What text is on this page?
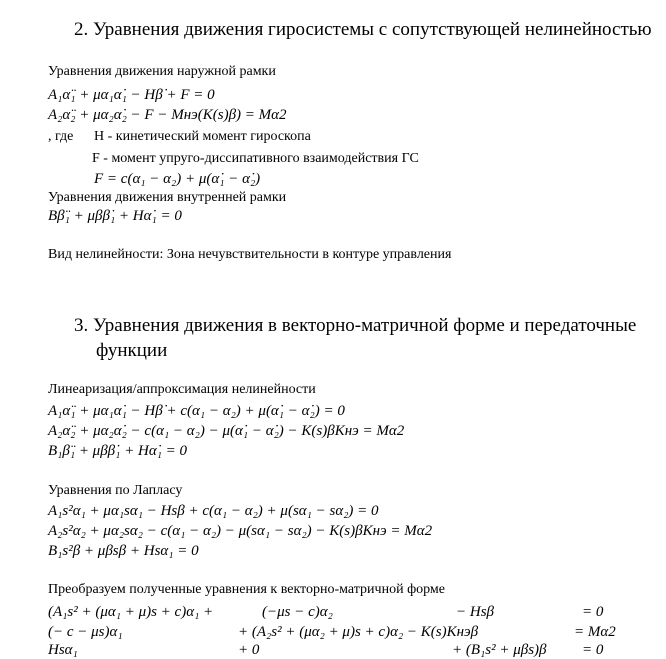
2. Уравнения движения гиросистемы с сопутствующей нелинейностью
Уравнения движения наружной рамки
A₁α̈₁ + μα₁α̇₁ − Hβ̇ + F = 0
A₂α̈₂ + μα₂α̇₂ − F − Mнэ(K(s)β) = Mα2
, где H - кинетический момент гироскопа
F - момент упруго-диссипативного взаимодействия ГС
F = c(α₁ − α₂) + μ(α̇₁ − α̇₂)
Уравнения движения внутренней рамки
Bβ̈₁ + μββ̇₁ + Hα̇₁ = 0
Вид нелинейности: Зона нечувствительности в контуре управления
3. Уравнения движения в векторно-матричной форме и передаточные
функции
Линеаризация/аппроксимация нелинейности
A₁α̈₁ + μα₁α̇₁ − Hβ̇ + c(α₁ − α₂) + μ(α̇₁ − α̇₂) = 0
A₂α̈₂ + μα₂α̇₂ − c(α₁ − α₂) − μ(α̇₁ − α̇₂) − K(s)βKнэ = Mα2
B₁β̈₁ + μββ̇₁ + Hα̇₁ = 0
Уравнения по Лапласу
A₁s²α₁ + μα₁sα₁ − Hsβ + c(α₁ − α₂) + μ(sα₁ − sα₂) = 0
A₂s²α₂ + μα₂sα₂ − c(α₁ − α₂) − μ(sα₁ − sα₂) − K(s)βKнэ = Mα2
B₁s²β + μβsβ + Hsα₁ = 0
Преобразуем полученные уравнения к векторно-матричной форме
(A₁s² + (μα₁ + μ)s + c)α₁ +	(−μs − c)α₂	− Hsβ	= 0
(− c − μs)α₁	+ (A₂s² + (μα₂ + μ)s + c)α₂ − K(s)Kнэβ	= Mα2
Hsα₁	+ 0	+ (B₁s² + μβs)β = 0
